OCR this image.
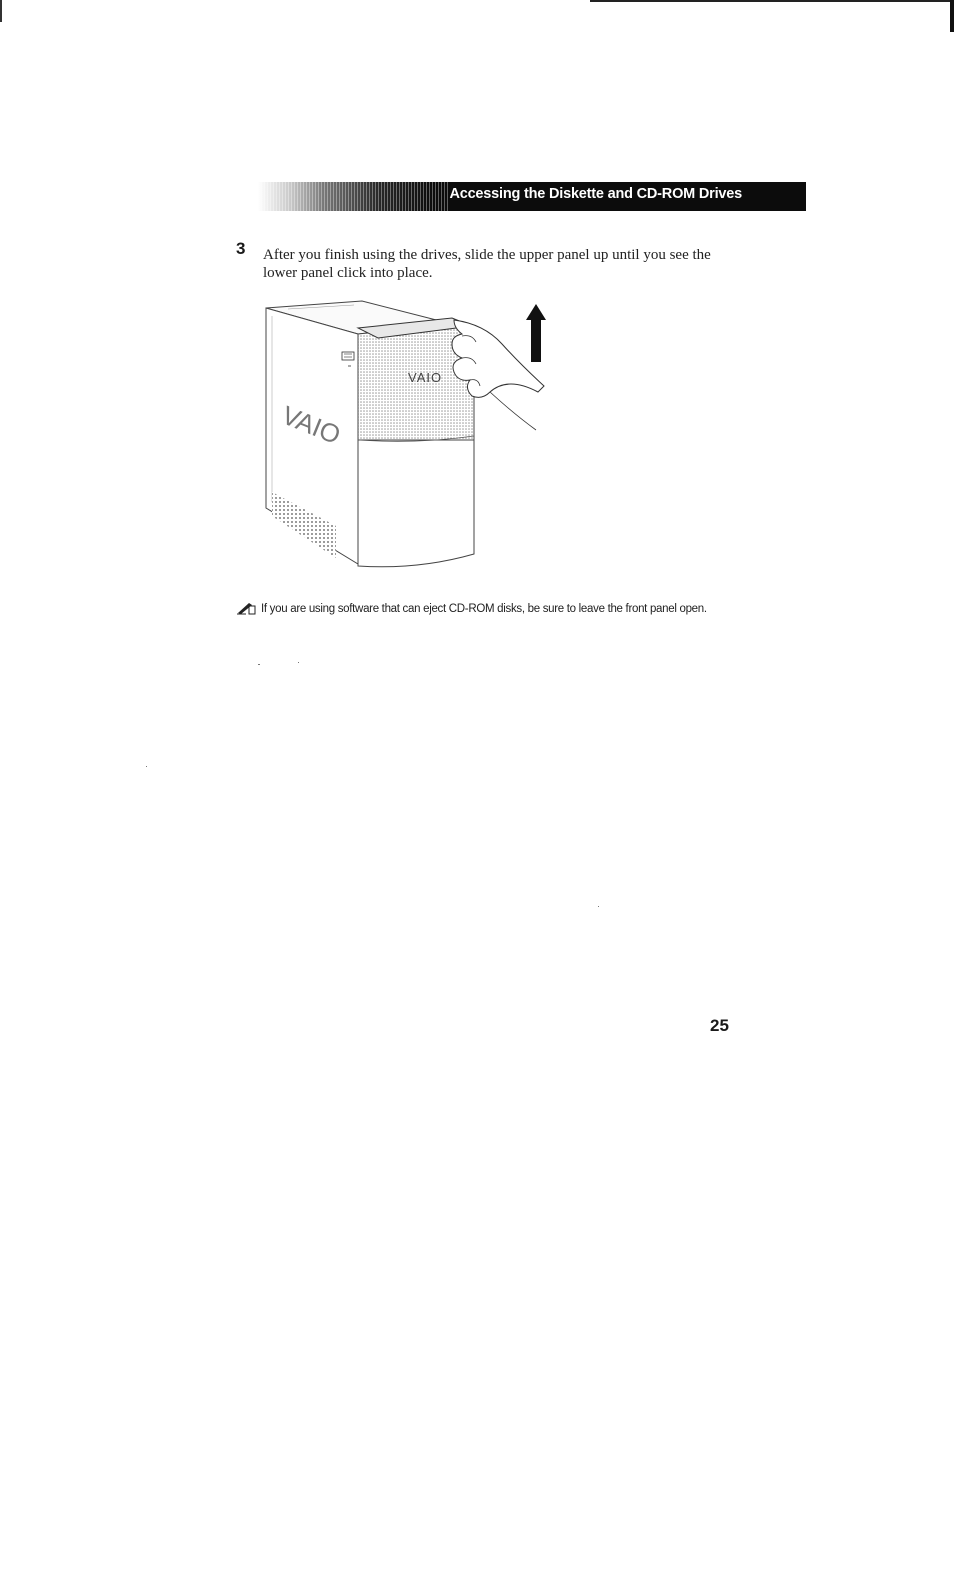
Accessing the Diskette and CD-ROM Drives
3 After you finish using the drives, slide the upper panel up until you see the lower panel click into place.
VAIO
VAIO
If you are using software that can eject CD-ROM disks, be sure to leave the front panel open.
25
